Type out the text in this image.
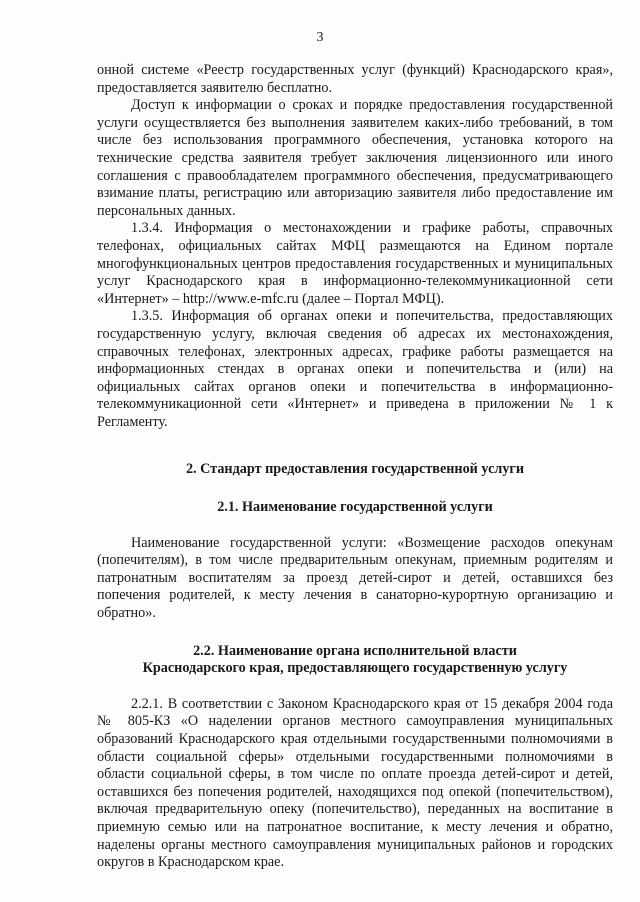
3

онной системе «Реестр государственных услуг (функций) Краснодарского края», предоставляется заявителю бесплатно.

Доступ к информации о сроках и порядке предоставления государственной услуги осуществляется без выполнения заявителем каких-либо требований, в том числе без использования программного обеспечения, установка которого на технические средства заявителя требует заключения лицензионного или иного соглашения с правообладателем программного обеспечения, предусматривающего взимание платы, регистрацию или авторизацию заявителя либо предоставление им персональных данных.

1.3.4. Информация о местонахождении и графике работы, справочных телефонах, официальных сайтах МФЦ размещаются на Едином портале многофункциональных центров предоставления государственных и муниципальных услуг Краснодарского края в информационно-телекоммуникационной сети «Интернет» – http://www.e-mfc.ru (далее – Портал МФЦ).

1.3.5. Информация об органах опеки и попечительства, предоставляющих государственную услугу, включая сведения об адресах их местонахождения, справочных телефонах, электронных адресах, графике работы размещается на информационных стендах в органах опеки и попечительства и (или) на официальных сайтах органов опеки и попечительства в информационно-телекоммуникационной сети «Интернет» и приведена в приложении № 1 к Регламенту.

2. Стандарт предоставления государственной услуги

2.1. Наименование государственной услуги

Наименование государственной услуги: «Возмещение расходов опекунам (попечителям), в том числе предварительным опекунам, приемным родителям и патронатным воспитателям за проезд детей-сирот и детей, оставшихся без попечения родителей, к месту лечения в санаторно-курортную организацию и обратно».

2.2. Наименование органа исполнительной власти

Краснодарского края, предоставляющего государственную услугу

2.2.1. В соответствии с Законом Краснодарского края от 15 декабря 2004 года № 805-КЗ «О наделении органов местного самоуправления муниципальных образований Краснодарского края отдельными государственными полномочиями в области социальной сферы» отдельными государственными полномочиями в области социальной сферы, в том числе по оплате проезда детей-сирот и детей, оставшихся без попечения родителей, находящихся под опекой (попечительством), включая предварительную опеку (попечительство), переданных на воспитание в приемную семью или на патронатное воспитание, к месту лечения и обратно, наделены органы местного самоуправления муниципальных районов и городских округов в Краснодарском крае.
